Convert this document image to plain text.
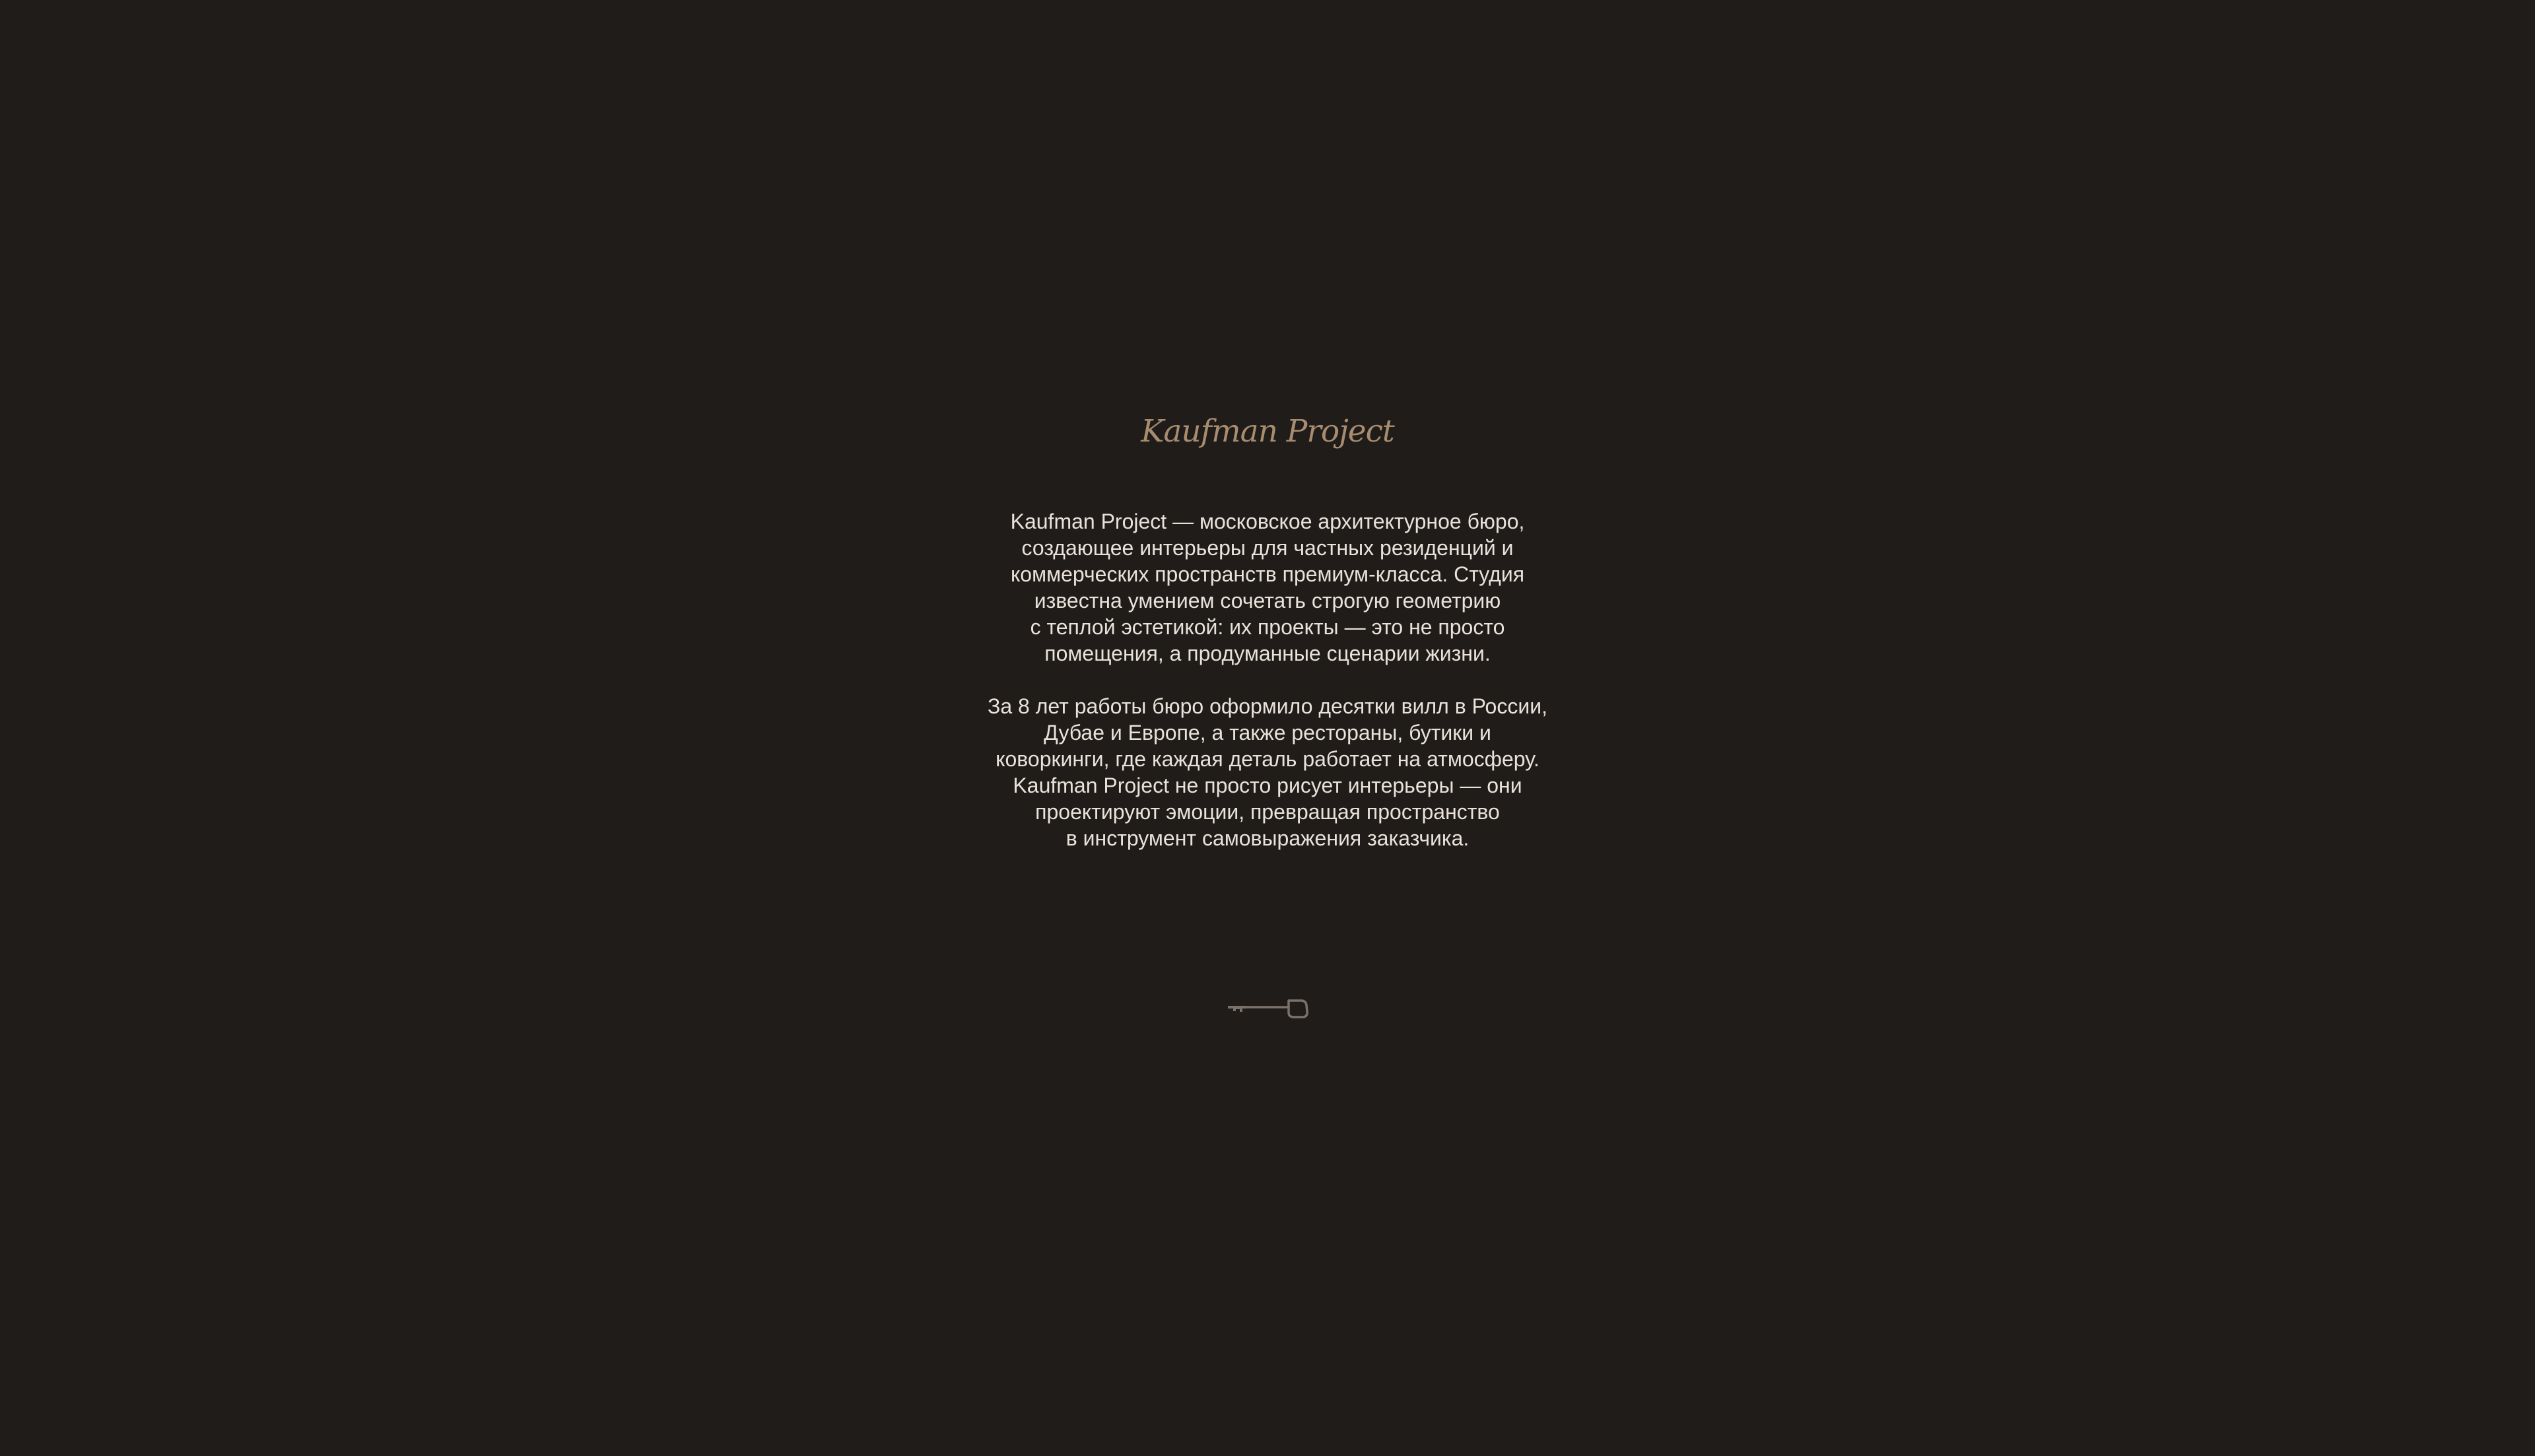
Kaufman Project

Kaufman Project — московское архитектурное бюро,
создающее интерьеры для частных резиденций и
коммерческих пространств премиум-класса. Студия
известна умением сочетать строгую геометрию
с теплой эстетикой: их проекты — это не просто
помещения, а продуманные сценарии жизни.

За 8 лет работы бюро оформило десятки вилл в России,
Дубае и Европе, а также рестораны, бутики и
коворкинги, где каждая деталь работает на атмосферу.
Kaufman Project не просто рисует интерьеры — они
проектируют эмоции, превращая пространство
в инструмент самовыражения заказчика.
